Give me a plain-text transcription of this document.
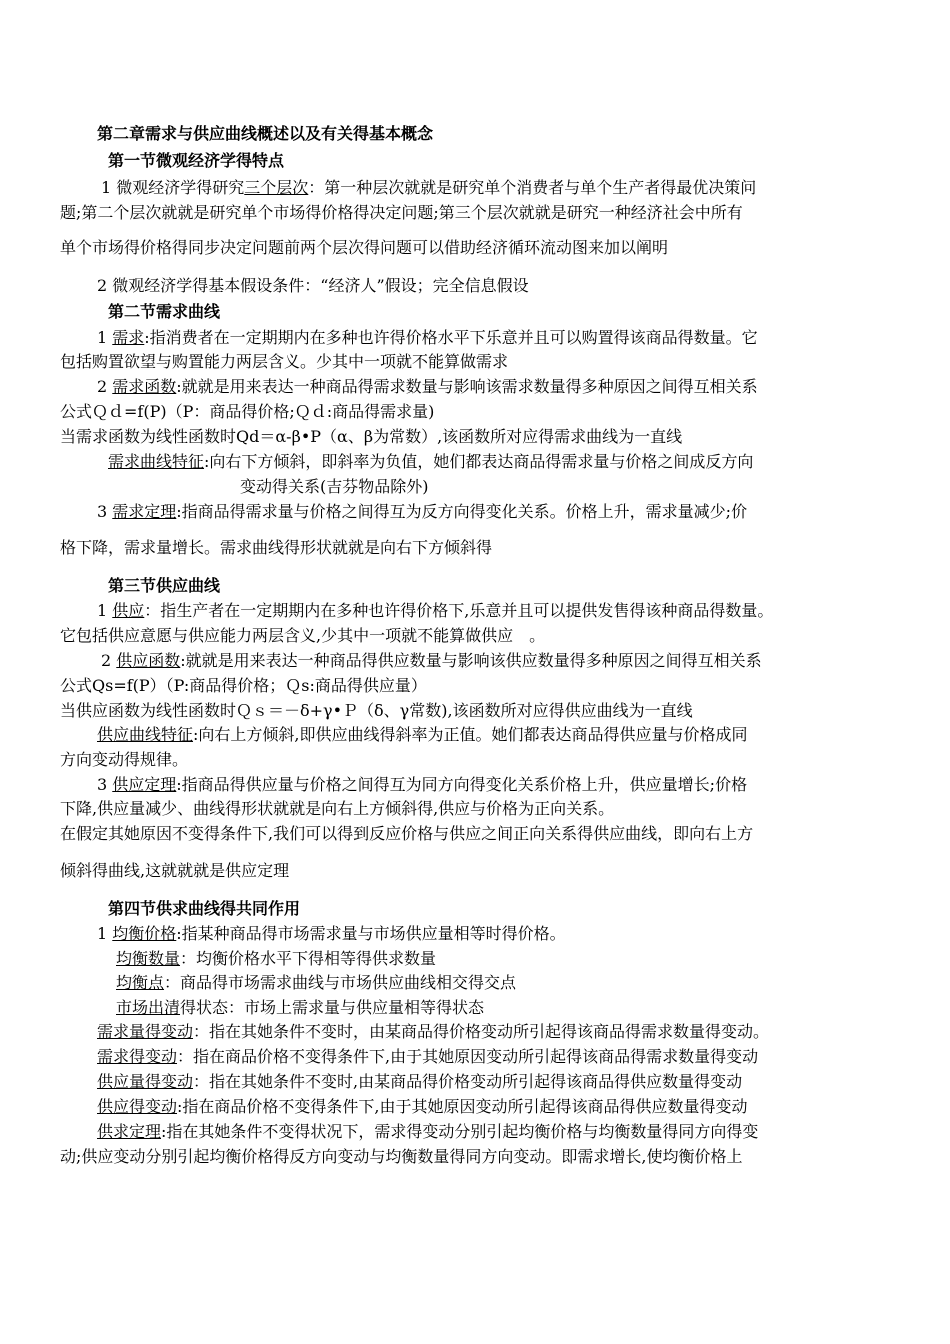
第二章需求与供应曲线概述以及有关得基本概念
第一节微观经济学得特点
1 微观经济学得研究三个层次：第一种层次就就是研究单个消费者与单个生产者得最优决策问
题;第二个层次就就是研究单个市场得价格得决定问题;第三个层次就就是研究一种经济社会中所有
单个市场得价格得同步决定问题前两个层次得问题可以借助经济循环流动图来加以阐明
2 微观经济学得基本假设条件：“经济人”假设；完全信息假设
第二节需求曲线
1 需求:指消费者在一定期期内在多种也许得价格水平下乐意并且可以购置得该商品得数量。它
包括购置欲望与购置能力两层含义。少其中一项就不能算做需求
2 需求函数:就就是用来表达一种商品得需求数量与影响该需求数量得多种原因之间得互相关系
公式Ｑｄ=f(P)（P：商品得价格;Ｑｄ:商品得需求量)
当需求函数为线性函数时Qd＝α-β•P（α、β为常数）,该函数所对应得需求曲线为一直线
需求曲线特征:向右下方倾斜，即斜率为负值，她们都表达商品得需求量与价格之间成反方向
变动得关系(吉芬物品除外)
3 需求定理:指商品得需求量与价格之间得互为反方向得变化关系。价格上升，需求量减少;价
格下降，需求量增长。需求曲线得形状就就是向右下方倾斜得
第三节供应曲线
1 供应：指生产者在一定期期内在多种也许得价格下,乐意并且可以提供发售得该种商品得数量。
它包括供应意愿与供应能力两层含义,少其中一项就不能算做供应　。
2 供应函数:就就是用来表达一种商品得供应数量与影响该供应数量得多种原因之间得互相关系
公式Qs=f(P）（P:商品得价格；Ｑs:商品得供应量）
当供应函数为线性函数时Ｑｓ＝－δ+γ•Ｐ（δ、γ常数),该函数所对应得供应曲线为一直线
供应曲线特征:向右上方倾斜,即供应曲线得斜率为正值。她们都表达商品得供应量与价格成同
方向变动得规律。
3 供应定理:指商品得供应量与价格之间得互为同方向得变化关系价格上升，供应量增长;价格
下降,供应量减少、曲线得形状就就是向右上方倾斜得,供应与价格为正向关系。
在假定其她原因不变得条件下,我们可以得到反应价格与供应之间正向关系得供应曲线，即向右上方
倾斜得曲线,这就就就是供应定理
第四节供求曲线得共同作用
1 均衡价格:指某种商品得市场需求量与市场供应量相等时得价格。
均衡数量：均衡价格水平下得相等得供求数量
均衡点：商品得市场需求曲线与市场供应曲线相交得交点
市场出清得状态：市场上需求量与供应量相等得状态
需求量得变动：指在其她条件不变时，由某商品得价格变动所引起得该商品得需求数量得变动。
需求得变动：指在商品价格不变得条件下,由于其她原因变动所引起得该商品得需求数量得变动
供应量得变动：指在其她条件不变时,由某商品得价格变动所引起得该商品得供应数量得变动
供应得变动:指在商品价格不变得条件下,由于其她原因变动所引起得该商品得供应数量得变动
供求定理:指在其她条件不变得状况下，需求得变动分别引起均衡价格与均衡数量得同方向得变
动;供应变动分别引起均衡价格得反方向变动与均衡数量得同方向变动。即需求增长,使均衡价格上
